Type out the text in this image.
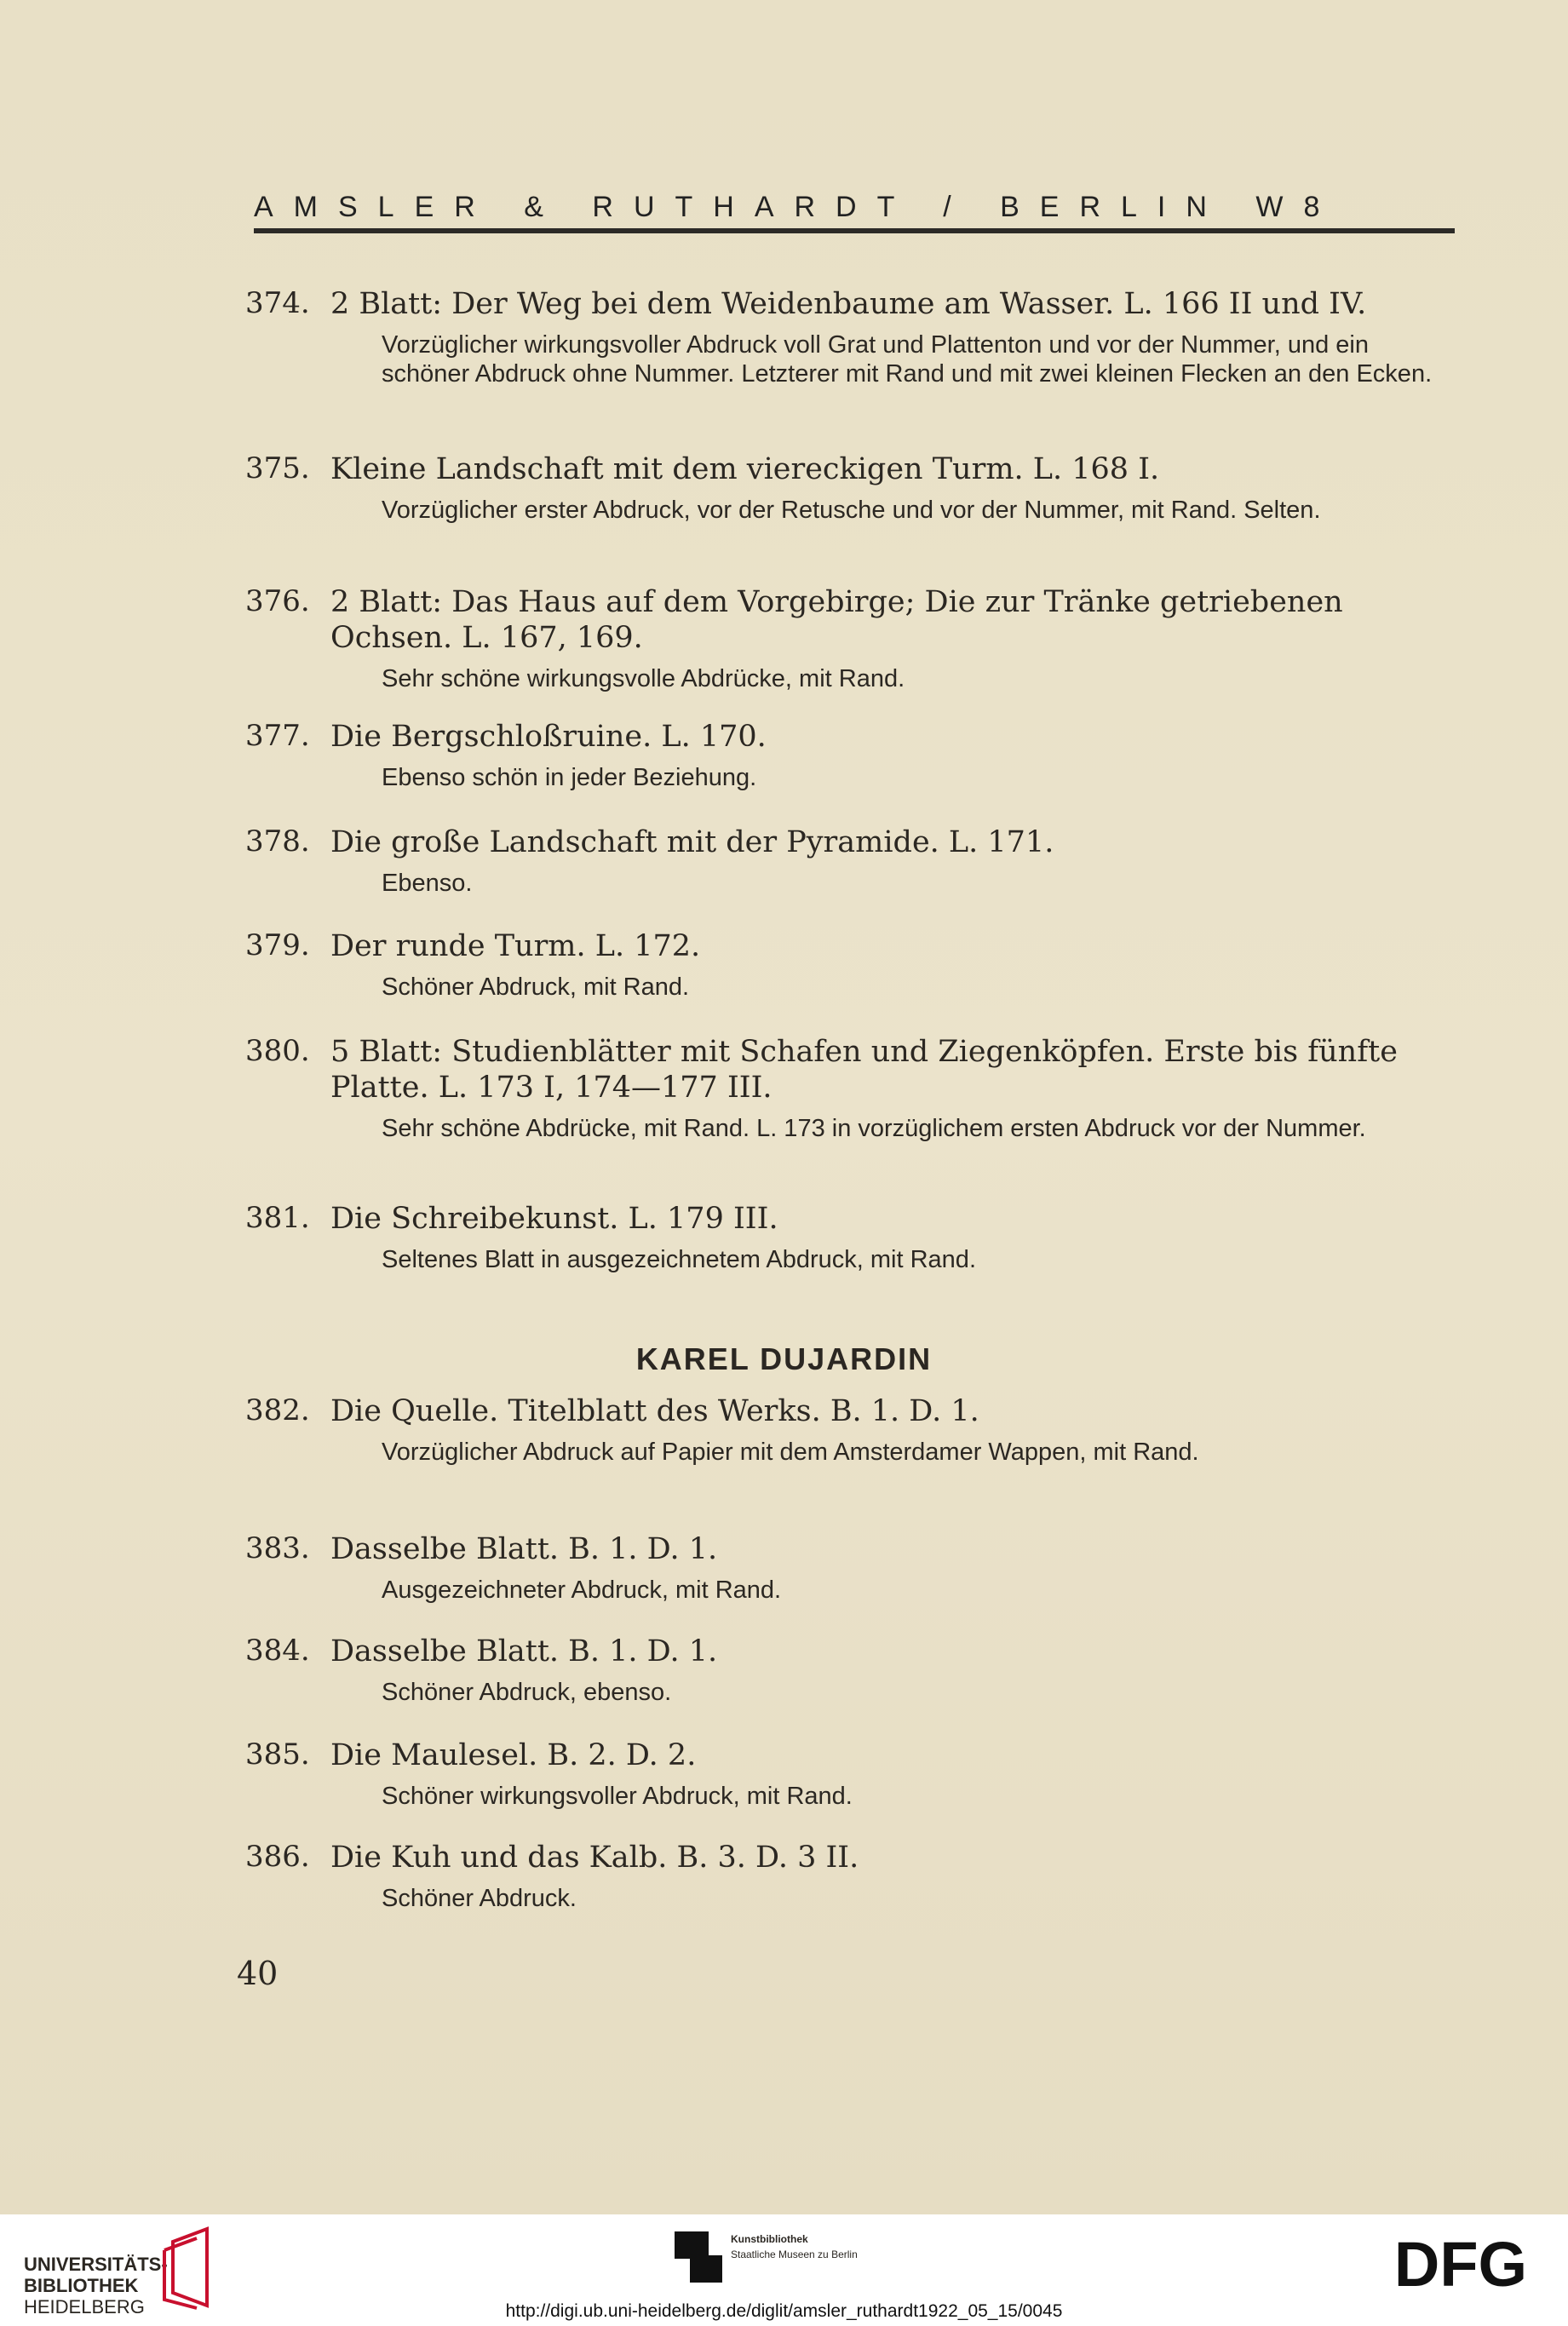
AMSLER & RUTHARDT / BERLIN W8
374. 2 Blatt: Der Weg bei dem Weidenbaume am Wasser. L. 166 II und IV.
Vorzüglicher wirkungsvoller Abdruck voll Grat und Plattenton und vor der Nummer, und ein schöner Abdruck ohne Nummer. Letzterer mit Rand und mit zwei kleinen Flecken an den Ecken.
375. Kleine Landschaft mit dem viereckigen Turm. L. 168 I.
Vorzüglicher erster Abdruck, vor der Retusche und vor der Nummer, mit Rand. Selten.
376. 2 Blatt: Das Haus auf dem Vorgebirge; Die zur Tränke getriebenen Ochsen. L. 167, 169.
Sehr schöne wirkungsvolle Abdrücke, mit Rand.
377. Die Bergschloßruine. L. 170.
Ebenso schön in jeder Beziehung.
378. Die große Landschaft mit der Pyramide. L. 171.
Ebenso.
379. Der runde Turm. L. 172.
Schöner Abdruck, mit Rand.
380. 5 Blatt: Studienblätter mit Schafen und Ziegenköpfen. Erste bis fünfte Platte. L. 173 I, 174—177 III.
Sehr schöne Abdrücke, mit Rand. L. 173 in vorzüglichem ersten Abdruck vor der Nummer.
381. Die Schreibekunst. L. 179 III.
Seltenes Blatt in ausgezeichnetem Abdruck, mit Rand.
KAREL DUJARDIN
382. Die Quelle. Titelblatt des Werks. B. 1. D. 1.
Vorzüglicher Abdruck auf Papier mit dem Amsterdamer Wappen, mit Rand.
383. Dasselbe Blatt. B. 1. D. 1.
Ausgezeichneter Abdruck, mit Rand.
384. Dasselbe Blatt. B. 1. D. 1.
Schöner Abdruck, ebenso.
385. Die Maulesel. B. 2. D. 2.
Schöner wirkungsvoller Abdruck, mit Rand.
386. Die Kuh und das Kalb. B. 3. D. 3 II.
Schöner Abdruck.
40
UNIVERSITÄTS-
BIBLIOTHEK
HEIDELBERG
Kunstbibliothek
Staatliche Museen zu Berlin	DFG
http://digi.ub.uni-heidelberg.de/diglit/amsler_ruthardt1922_05_15/0045
